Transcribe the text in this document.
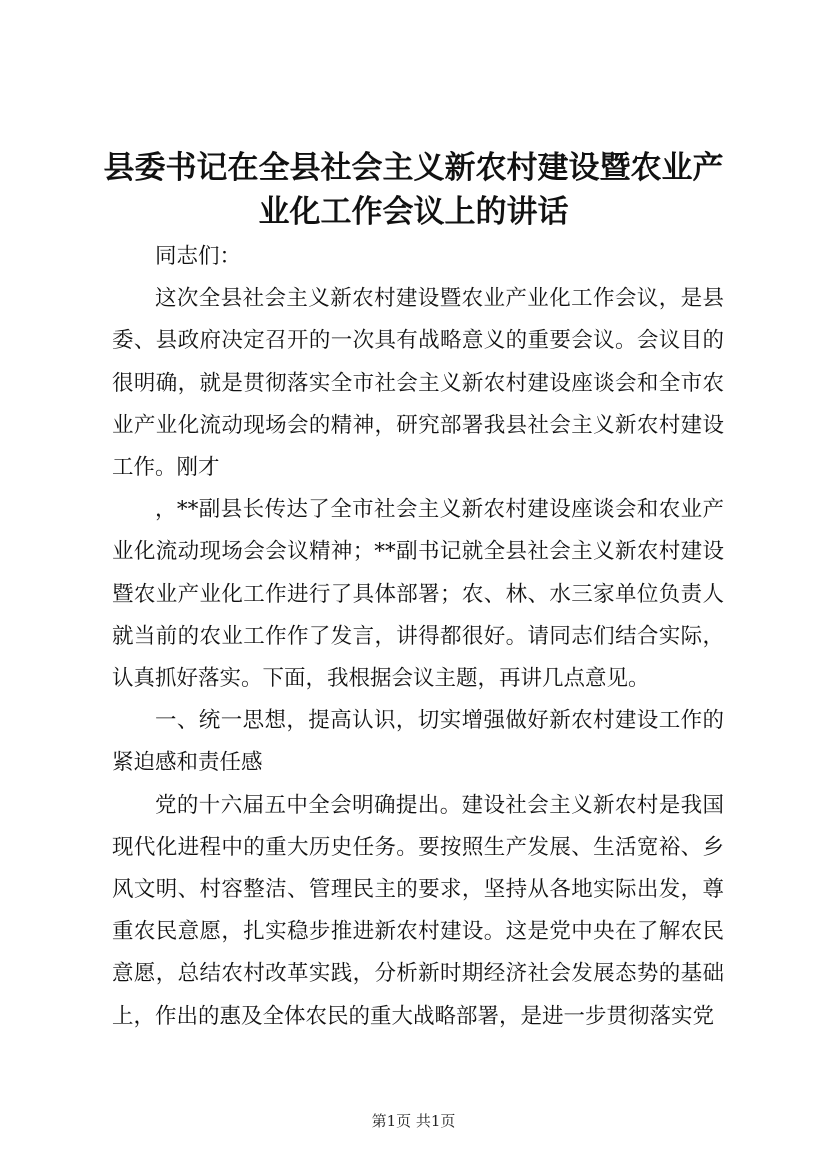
县委书记在全县社会主义新农村建设暨农业产业化工作会议上的讲话

同志们：

这次全县社会主义新农村建设暨农业产业化工作会议，是县委、县政府决定召开的一次具有战略意义的重要会议。会议目的很明确，就是贯彻落实全市社会主义新农村建设座谈会和全市农业产业化流动现场会的精神，研究部署我县社会主义新农村建设工作。刚才

，**副县长传达了全市社会主义新农村建设座谈会和农业产业化流动现场会会议精神；**副书记就全县社会主义新农村建设暨农业产业化工作进行了具体部署；农、林、水三家单位负责人就当前的农业工作作了发言，讲得都很好。请同志们结合实际，认真抓好落实。下面，我根据会议主题，再讲几点意见。

一、统一思想，提高认识，切实增强做好新农村建设工作的紧迫感和责任感

党的十六届五中全会明确提出。建设社会主义新农村是我国现代化进程中的重大历史任务。要按照生产发展、生活宽裕、乡风文明、村容整洁、管理民主的要求，坚持从各地实际出发，尊重农民意愿，扎实稳步推进新农村建设。这是党中央在了解农民意愿，总结农村改革实践，分析新时期经济社会发展态势的基础上，作出的惠及全体农民的重大战略部署，是进一步贯彻落实党

第1页 共1页
